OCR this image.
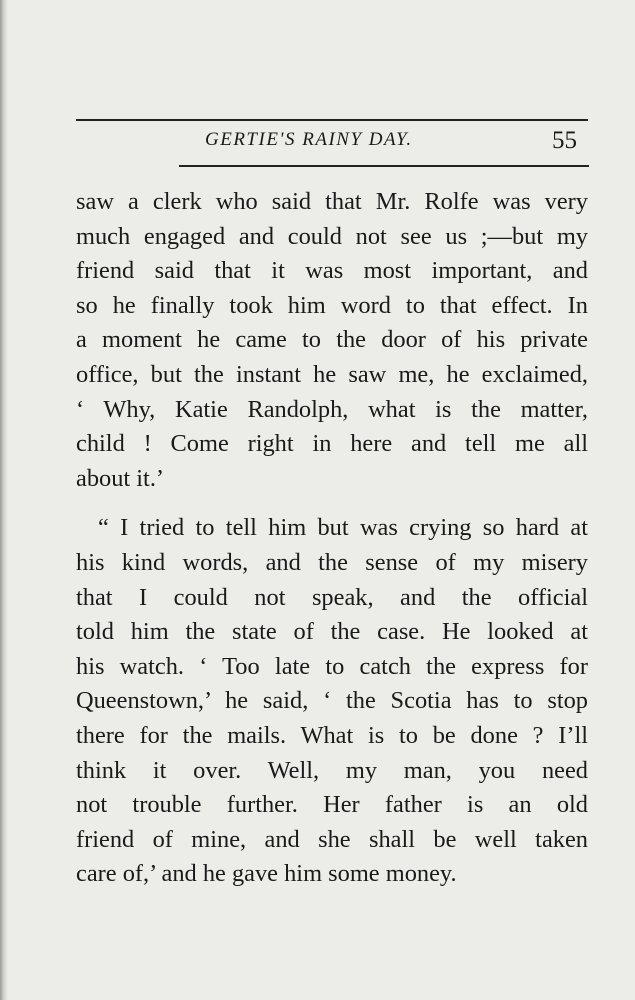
GERTIE'S RAINY DAY.	55

saw a clerk who said that Mr. Rolfe was very
much engaged and could not see us ;—but my
friend said that it was most important, and
so he finally took him word to that effect. In
a moment he came to the door of his private
office, but the instant he saw me, he exclaimed,
‘ Why, Katie Randolph, what is the matter,
child ! Come right in here and tell me all
about it.’

“ I tried to tell him but was crying so hard at
his kind words, and the sense of my misery
that I could not speak, and the official
told him the state of the case. He looked at
his watch. ‘ Too late to catch the express for
Queenstown,’ he said, ‘ the Scotia has to stop
there for the mails. What is to be done ? I’ll
think it over. Well, my man, you need
not trouble further. Her father is an old
friend of mine, and she shall be well taken
care of,’ and he gave him some money.
